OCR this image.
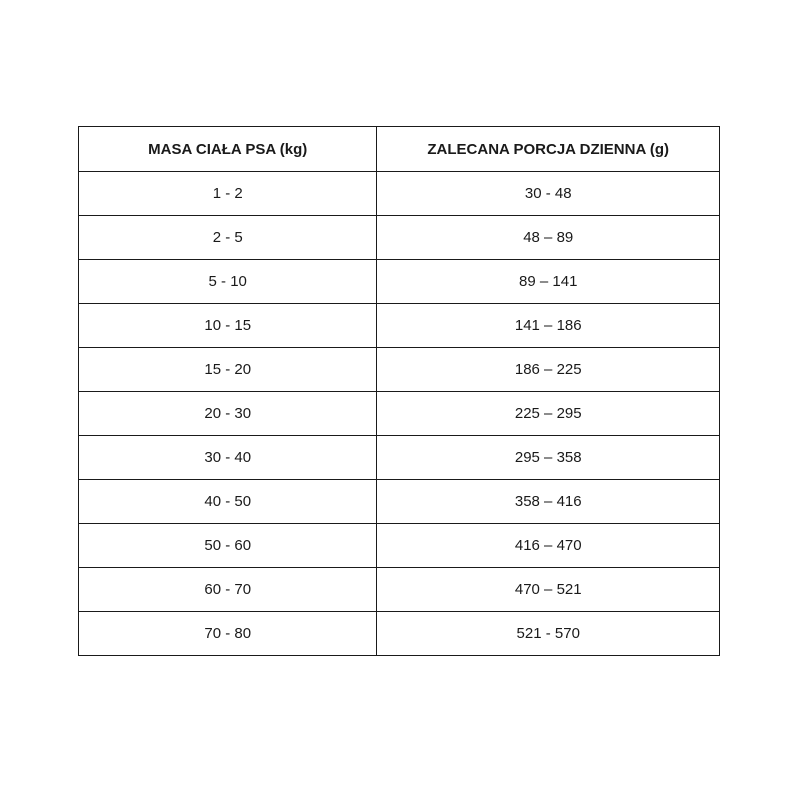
MASA CIAŁA PSA (kg)	ZALECANA PORCJA DZIENNA (g)
1 - 2	30 - 48
2 - 5	48 – 89
5 - 10	89 – 141
10 - 15	141 – 186
15 - 20	186 – 225
20 - 30	225 – 295
30 - 40	295 – 358
40 - 50	358 – 416
50 - 60	416 – 470
60 - 70	470 – 521
70 - 80	521 - 570
